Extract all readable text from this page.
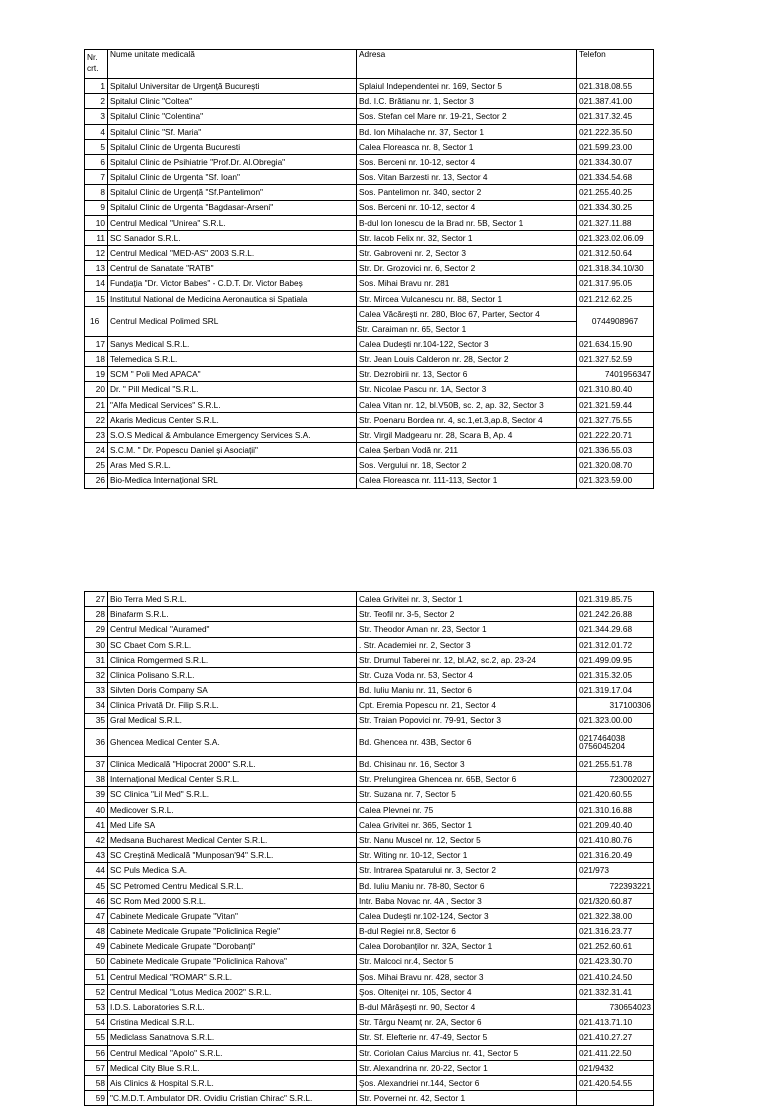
Nr. crt.	Nume unitate medicală	Adresa	Telefon
1	Spitalul Universitar de Urgență București	Splaiul Independentei nr. 169, Sector 5	021.318.08.55
2	Spitalul Clinic "Coltea"	Bd. I.C. Brătianu nr. 1, Sector 3	021.387.41.00
3	Spitalul Clinic "Colentina"	Sos. Stefan cel Mare nr. 19-21, Sector 2	021.317.32.45
4	Spitalul Clinic "Sf. Maria"	Bd. Ion Mihalache nr. 37, Sector 1	021.222.35.50
5	Spitalul Clinic de Urgenta Bucuresti	Calea Floreasca nr. 8, Sector 1	021.599.23.00
6	Spitalul Clinic de Psihiatrie "Prof.Dr. Al.Obregia"	Sos. Berceni nr. 10-12, sector 4	021.334.30.07
7	Spitalul Clinic de Urgenta "Sf. Ioan"	Sos. Vitan Barzesti nr. 13, Sector 4	021.334.54.68
8	Spitalul Clinic de Urgență "Sf.Pantelimon"	Sos. Pantelimon nr. 340, sector 2	021.255.40.25
9	Spitalul Clinic de Urgenta "Bagdasar-Arseni"	Sos. Berceni nr. 10-12, sector 4	021.334.30.25
10	Centrul Medical "Unirea" S.R.L.	B-dul Ion Ionescu de la Brad nr. 5B, Sector 1	021.327.11.88
11	SC Sanador S.R.L.	Str. Iacob Felix nr. 32, Sector 1	021.323.02.06.09
12	Centrul Medical "MED-AS" 2003 S.R.L.	Str. Gabroveni nr. 2, Sector 3	021.312.50.64
13	Centrul de Sanatate "RATB"	Str. Dr. Grozovici nr. 6, Sector 2	021.318.34.10/30
14	Fundația "Dr. Victor Babes" - C.D.T. Dr. Victor Babeș	Sos. Mihai Bravu nr. 281	021.317.95.05
15	Institutul National de Medicina Aeronautica si Spatiala	Str. Mircea Vulcanescu nr. 88, Sector 1	021.212.62.25
16	Centrul Medical Polimed SRL	Calea Văcărești nr. 280, Bloc 67, Parter, Sector 4
Str. Caraiman nr. 65, Sector 1	0744908967
17	Sanys Medical S.R.L.	Calea Dudeşti nr.104-122, Sector 3	021.634.15.90
18	Telemedica S.R.L.	Str. Jean Louis Calderon nr. 28, Sector 2	021.327.52.59
19	SCM " Poli Med APACA"	Str. Dezrobirii nr. 13, Sector 6	7401956347
20	Dr. " Pill Medical "S.R.L.	Str. Nicolae Pascu nr. 1A, Sector 3	021.310.80.40
21	"Alfa Medical Services" S.R.L.	Calea Vitan nr. 12, bl.V50B, sc. 2, ap. 32, Sector 3	021.321.59.44
22	Akaris Medicus Center S.R.L.	Str. Poenaru Bordea nr. 4, sc.1,et.3,ap.8, Sector 4	021.327.75.55
23	S.O.S Medical & Ambulance Emergency Services S.A.	Str. Virgil Madgearu nr. 28, Scara B, Ap. 4	021.222.20.71
24	S.C.M. " Dr. Popescu Daniel și Asociații"	Calea Șerban Vodă nr. 211	021.336.55.03
25	Aras Med S.R.L.	Sos. Vergului nr. 18, Sector 2	021.320.08.70
26	Bio-Medica Internațional SRL	Calea Floreasca nr. 111-113, Sector 1	021.323.59.00
27	Bio Terra Med S.R.L.	Calea Grivitei nr. 3, Sector 1	021.319.85.75
28	Binafarm S.R.L.	Str. Teofil nr. 3-5, Sector 2	021.242.26.88
29	Centrul Medical "Auramed"	Str. Theodor Aman nr. 23, Sector 1	021.344.29.68
30	SC Cbaet Com S.R.L.	. Str. Academiei nr. 2, Sector 3	021.312.01.72
31	Clinica Romgermed S.R.L.	Str. Drumul Taberei nr. 12, bl.A2, sc.2, ap. 23-24	021.499.09.95
32	Clinica Polisano S.R.L.	Str. Cuza Voda nr. 53, Sector 4	021.315.32.05
33	Silvten Doris Company SA	Bd. Iuliu Maniu nr. 11, Sector 6	021.319.17.04
34	Clinica Privată Dr. Filip S.R.L.	Cpt. Eremia Popescu nr. 21, Sector 4	317100306
35	Gral Medical S.R.L.	Str. Traian Popovici nr. 79-91, Sector 3	021.323.00.00
36	Ghencea Medical Center S.A.	Bd. Ghencea nr. 43B, Sector 6	0217464038
0756045204

37	Clinica Medicală "Hipocrat 2000" S.R.L.	Bd. Chisinau nr. 16, Sector 3	021.255.51.78
38	Internațional Medical Center S.R.L.	Str. Prelungirea Ghencea nr. 65B, Sector 6	723002027
39	SC Clinica "Lil Med" S.R.L.	Str. Suzana nr. 7, Sector 5	021.420.60.55
40	Medicover S.R.L.	Calea Plevnei nr. 75	021.310.16.88
41	Med Life SA	Calea Grivitei nr. 365, Sector 1	021.209.40.40
42	Medsana Bucharest Medical Center S.R.L.	Str. Nanu Muscel nr. 12, Sector 5	021.410.80.76
43	SC Creștină Medicală "Munposan'94" S.R.L.	Str. Witing nr. 10-12, Sector 1	021.316.20.49
44	SC Puls Medica S.A.	Str. Intrarea Spatarului nr. 3, Sector 2	021/973
45	SC Petromed Centru Medical S.R.L.	Bd. Iuliu Maniu nr. 78-80, Sector 6	722393221
46	SC Rom Med 2000 S.R.L.	Intr. Baba Novac nr. 4A , Sector 3	021/320.60.87
47	Cabinete Medicale Grupate "Vitan"	Calea Dudeşti nr.102-124, Sector 3	021.322.38.00
48	Cabinete Medicale Grupate "Policlinica Regie"	B-dul Regiei nr.8, Sector 6	021.316.23.77
49	Cabinete Medicale Grupate "Dorobanți"	Calea Dorobanților nr. 32A, Sector 1	021.252.60.61
50	Cabinete Medicale Grupate "Policlinica Rahova"	Str. Malcoci nr.4, Sector 5	021.423.30.70
51	Centrul Medical "ROMAR" S.R.L.	Şos. Mihai Bravu nr. 428, sector 3	021.410.24.50
52	Centrul Medical "Lotus Medica 2002" S.R.L.	Şos. Olteniţei nr. 105, Sector 4	021.332.31.41
53	I.D.S. Laboratories S.R.L.	B-dul Mărășești nr. 90, Sector 4	730654023
54	Cristina Medical S.R.L.	Str. Târgu Neamț nr. 2A, Sector 6	021.413.71.10
55	Mediclass Sanatnova S.R.L.	Str. Sf. Elefterie nr. 47-49, Sector 5	021.410.27.27
56	Centrul Medical "Apolo" S.R.L.	Str. Coriolan Caius Marcius nr. 41, Sector 5	021.411.22.50
57	Medical City Blue S.R.L.	Str. Alexandrina nr. 20-22, Sector 1	021/9432
58	Ais Clinics & Hospital S.R.L.	Şos. Alexandriei nr.144, Sector 6	021.420.54.55
59	"C.M.D.T. Ambulator DR. Ovidiu Cristian Chirac" S.R.L.	Str. Povernei nr. 42, Sector 1	
